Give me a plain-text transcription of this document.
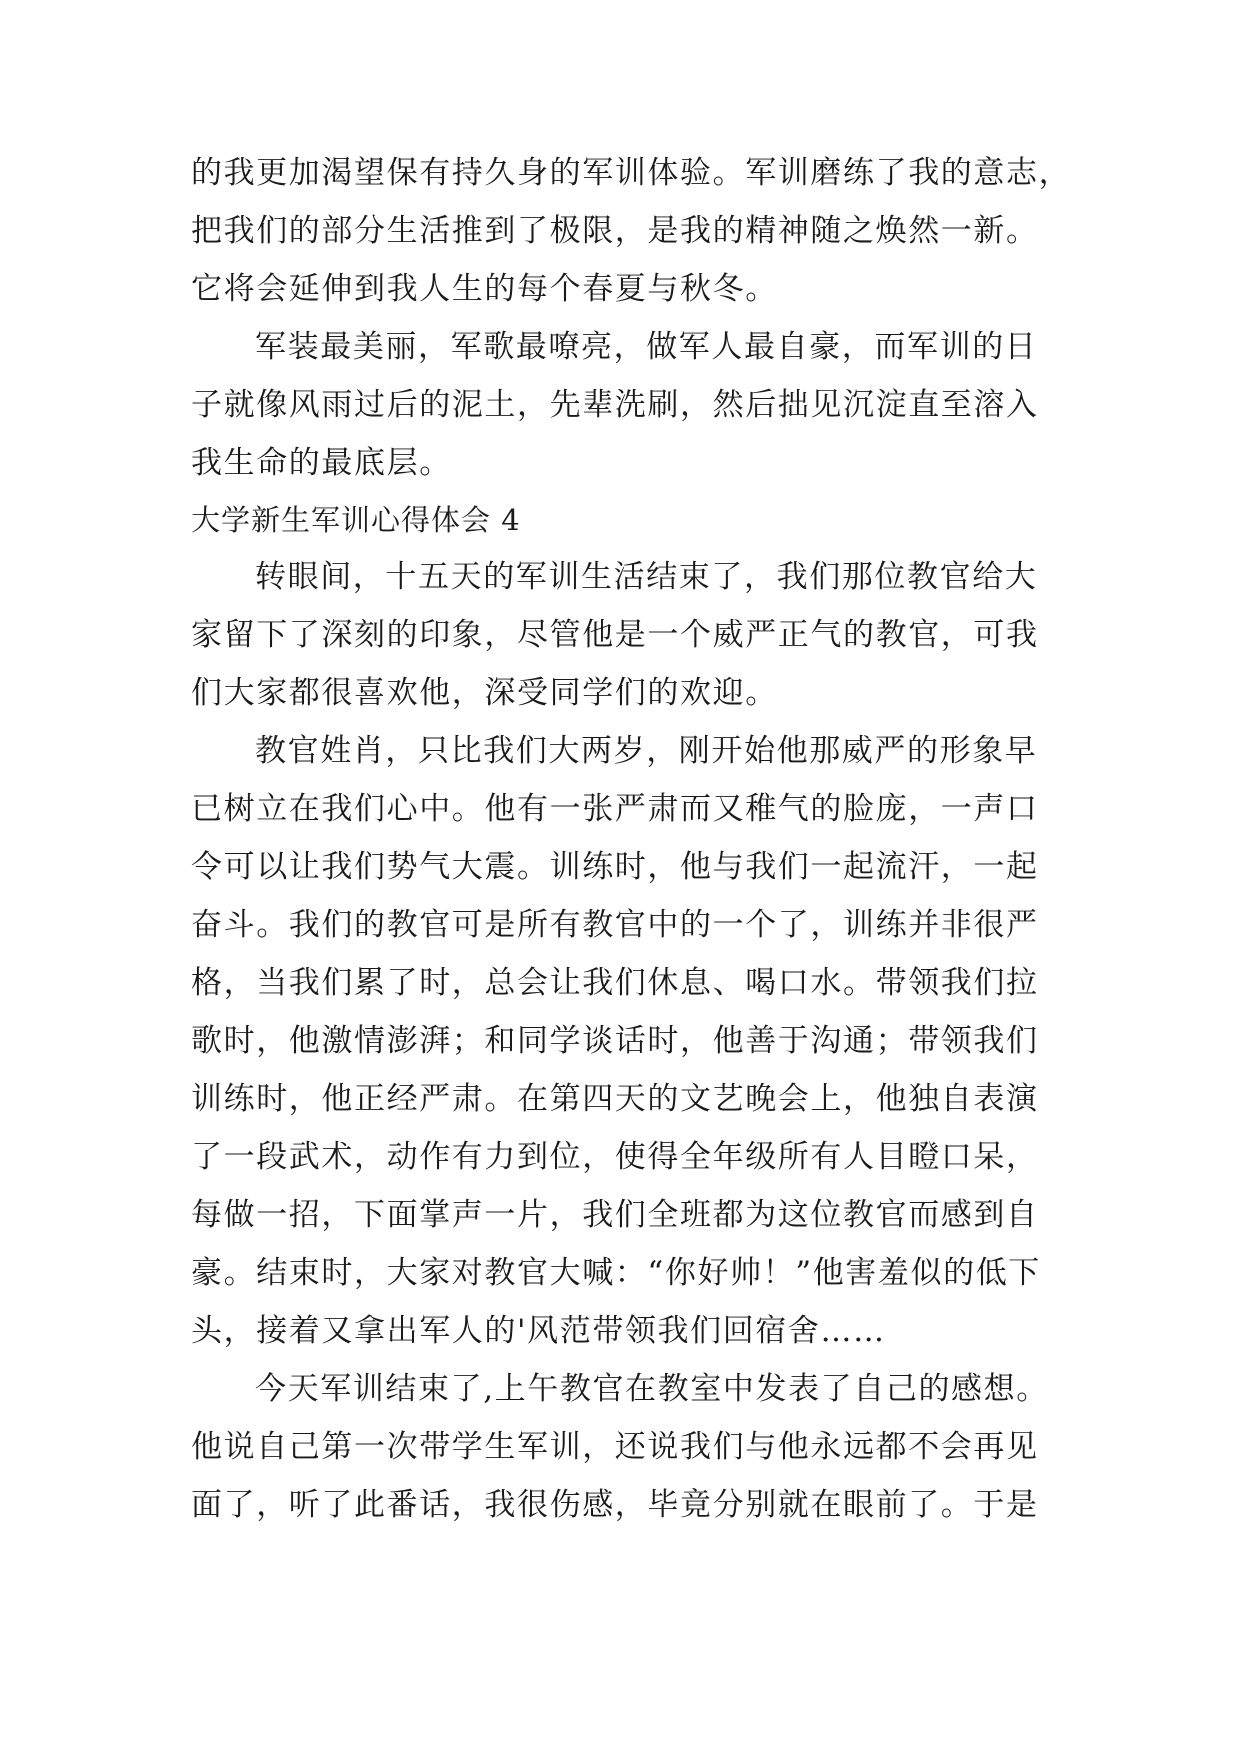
的我更加渴望保有持久身的军训体验。军训磨练了我的意志，
把我们的部分生活推到了极限，是我的精神随之焕然一新。
它将会延伸到我人生的每个春夏与秋冬。
军装最美丽，军歌最嘹亮，做军人最自豪，而军训的日
子就像风雨过后的泥土，先辈洗刷，然后拙见沉淀直至溶入
我生命的最底层。
大学新生军训心得体会 4
转眼间，十五天的军训生活结束了，我们那位教官给大
家留下了深刻的印象，尽管他是一个威严正气的教官，可我
们大家都很喜欢他，深受同学们的欢迎。
教官姓肖，只比我们大两岁，刚开始他那威严的形象早
已树立在我们心中。他有一张严肃而又稚气的脸庞，一声口
令可以让我们势气大震。训练时，他与我们一起流汗，一起
奋斗。我们的教官可是所有教官中的一个了，训练并非很严
格，当我们累了时，总会让我们休息、喝口水。带领我们拉
歌时，他激情澎湃；和同学谈话时，他善于沟通；带领我们
训练时，他正经严肃。在第四天的文艺晚会上，他独自表演
了一段武术，动作有力到位，使得全年级所有人目瞪口呆，
每做一招，下面掌声一片，我们全班都为这位教官而感到自
豪。结束时，大家对教官大喊：“你好帅！”他害羞似的低下
头，接着又拿出军人的'风范带领我们回宿舍……
今天军训结束了,上午教官在教室中发表了自己的感想。
他说自己第一次带学生军训，还说我们与他永远都不会再见
面了，听了此番话，我很伤感，毕竟分别就在眼前了。于是
